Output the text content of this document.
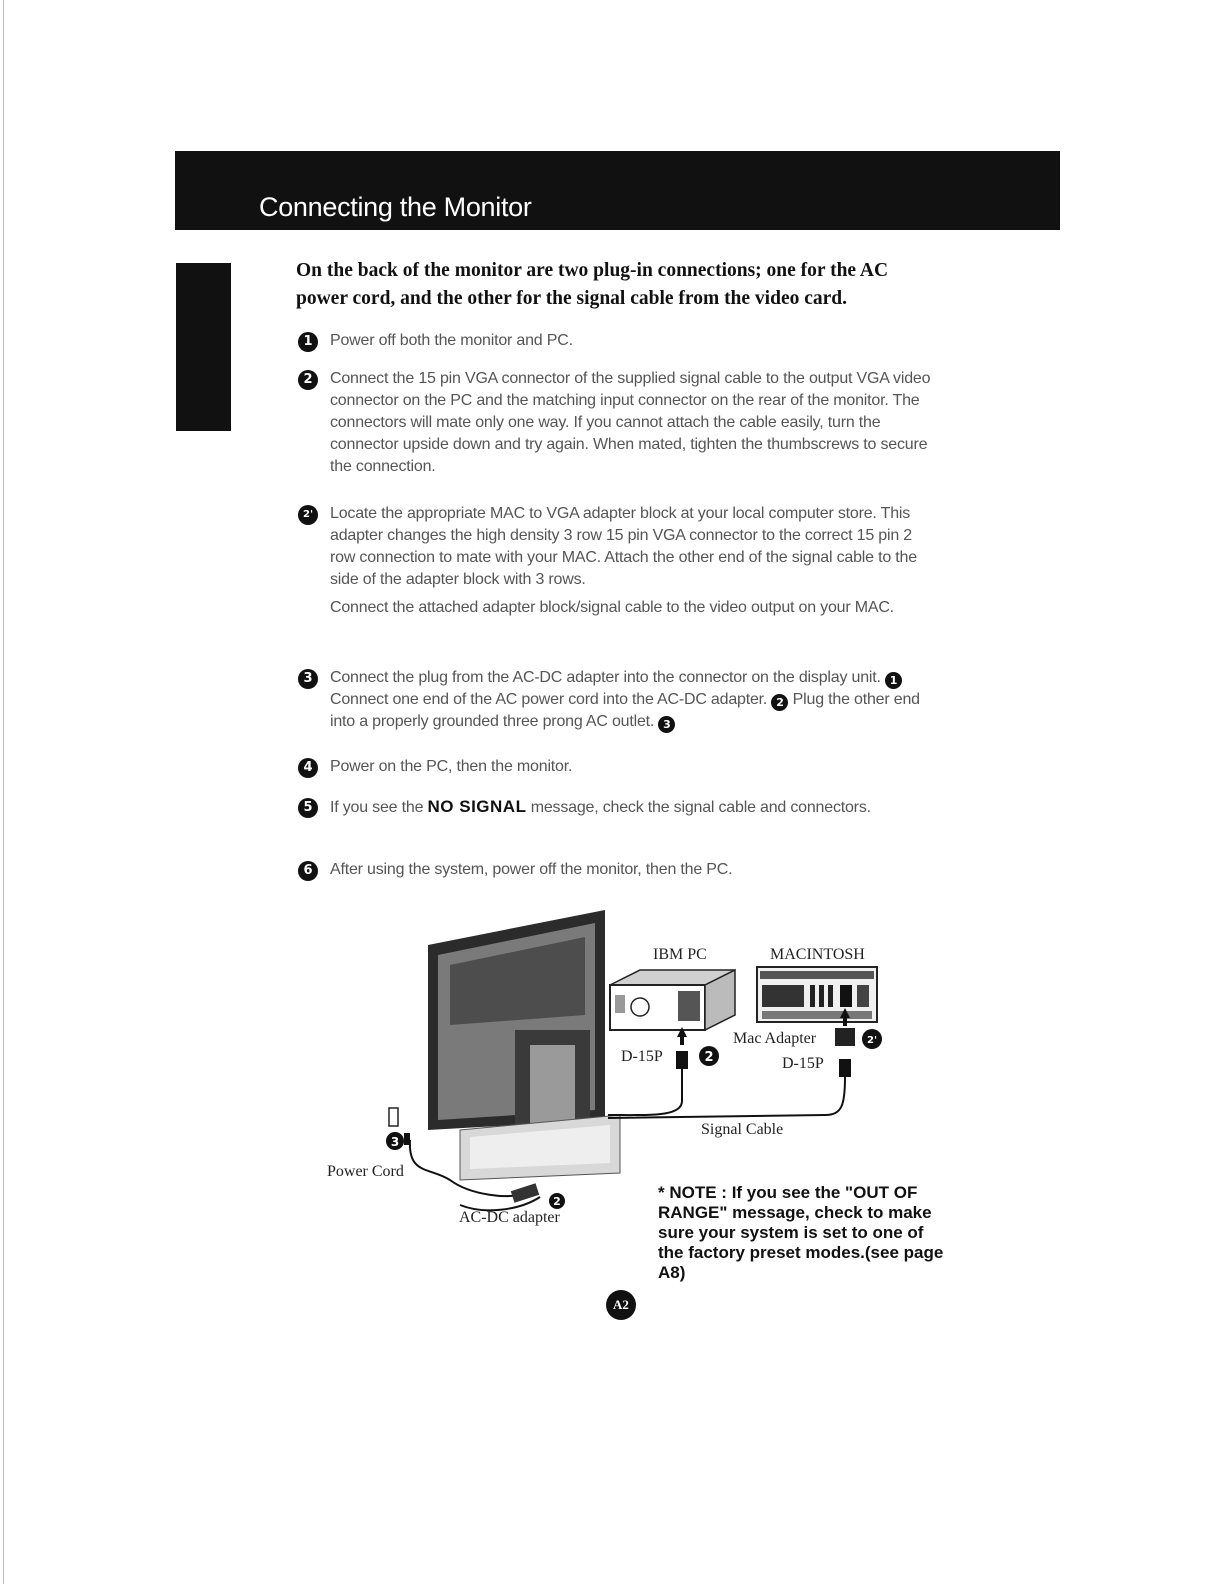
Connecting the Monitor

On the back of the monitor are two plug-in connections; one for the AC power cord, and the other for the signal cable from the video card.

1	Power off both the monitor and PC.

2	Connect the 15 pin VGA connector of the supplied signal cable to the output VGA video connector on the PC and the matching input connector on the rear of the monitor. The connectors will mate only one way. If you cannot attach the cable easily, turn the connector upside down and try again. When mated, tighten the thumbscrews to secure the connection.

2'	Locate the appropriate MAC to VGA adapter block at your local computer store. This adapter changes the high density 3 row 15 pin VGA connector to the correct 15 pin 2 row connection to mate with your MAC. Attach the other end of the signal cable to the side of the adapter block with 3 rows.

Connect the attached adapter block/signal cable to the video output on your MAC.

3	Connect the plug from the AC-DC adapter into the connector on the display unit. 1 Connect one end of the AC power cord into the AC-DC adapter. 2 Plug the other end into a properly grounded three prong AC outlet. 3

4	Power on the PC, then the monitor.

5	If you see the NO SIGNAL message, check the signal cable and connectors.

6	After using the system, power off the monitor, then the PC.

2
2'
3
2
IBM PC	MACINTOSH
Mac Adapter
D-15P	D-15P
Signal Cable
Power Cord
AC-DC adapter

* NOTE : If you see the "OUT OF RANGE" message, check to make sure your system is set to one of the factory preset modes.(see page A8)

A2
